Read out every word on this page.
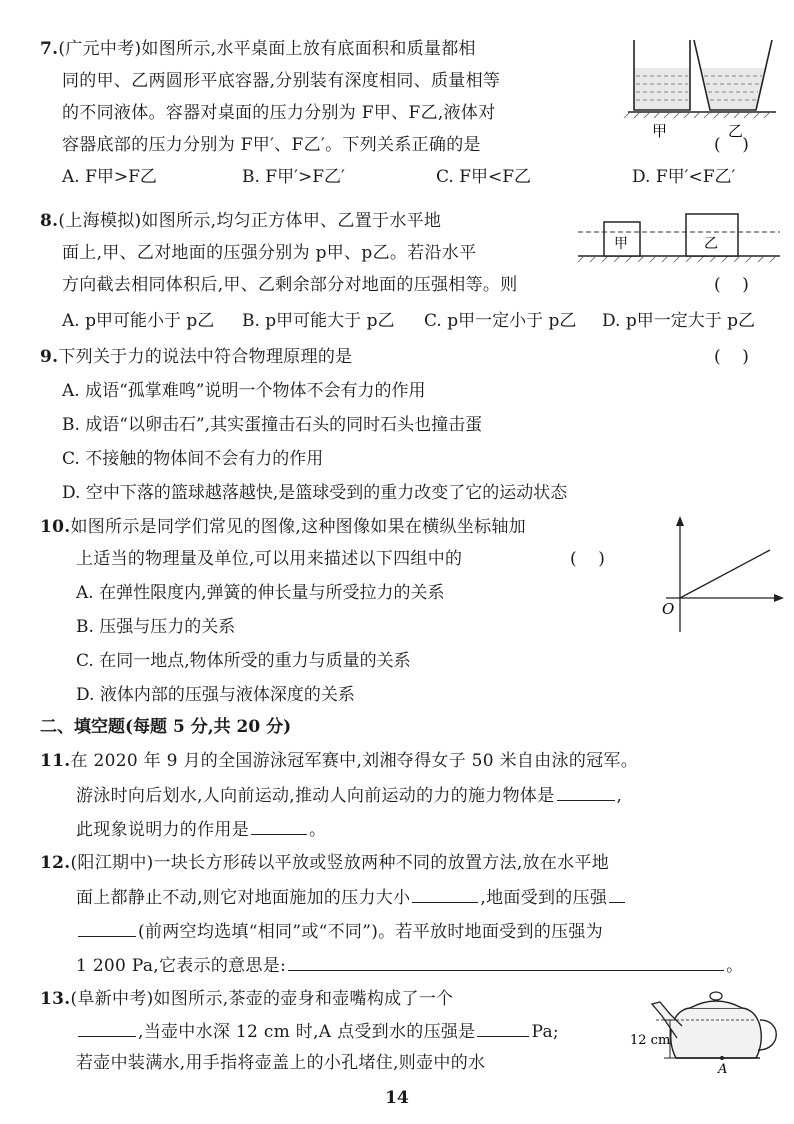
7.(广元中考)如图所示,水平桌面上放有底面积和质量都相
同的甲、乙两圆形平底容器,分别装有深度相同、质量相等
的不同液体。容器对桌面的压力分别为 F甲、F乙,液体对
容器底部的压力分别为 F甲′、F乙′。下列关系正确的是	(    )
A. F甲>F乙	B. F甲′>F乙′	C. F甲<F乙	D. F甲′<F乙′
甲	乙
8.(上海模拟)如图所示,均匀正方体甲、乙置于水平地
面上,甲、乙对地面的压强分别为 p甲、p乙。若沿水平
方向截去相同体积后,甲、乙剩余部分对地面的压强相等。则	(    )
A. p甲可能小于 p乙 B. p甲可能大于 p乙 C. p甲一定小于 p乙 D. p甲一定大于 p乙
甲	乙
9.下列关于力的说法中符合物理原理的是	(    )
A. 成语“孤掌难鸣”说明一个物体不会有力的作用
B. 成语“以卵击石”,其实蛋撞击石头的同时石头也撞击蛋
C. 不接触的物体间不会有力的作用
D. 空中下落的篮球越落越快,是篮球受到的重力改变了它的运动状态
10.如图所示是同学们常见的图像,这种图像如果在横纵坐标轴加
上适当的物理量及单位,可以用来描述以下四组中的	(    )
A. 在弹性限度内,弹簧的伸长量与所受拉力的关系
B. 压强与压力的关系
C. 在同一地点,物体所受的重力与质量的关系
D. 液体内部的压强与液体深度的关系
O
二、填空题(每题 5 分,共 20 分)
11.在 2020 年 9 月的全国游泳冠军赛中,刘湘夺得女子 50 米自由泳的冠军。
游泳时向后划水,人向前运动,推动人向前运动的力的施力物体是	,
此现象说明力的作用是	。
12.(阳江期中)一块长方形砖以平放或竖放两种不同的放置方法,放在水平地
面上都静止不动,则它对地面施加的压力大小	,地面受到的压强
(前两空均选填“相同”或“不同”)。若平放时地面受到的压强为
1 200 Pa,它表示的意思是:	。
13.(阜新中考)如图所示,茶壶的壶身和壶嘴构成了一个
,当壶中水深 12 cm 时,A 点受到水的压强是	Pa;
若壶中装满水,用手指将壶盖上的小孔堵住,则壶中的水
12 cm
A
14
